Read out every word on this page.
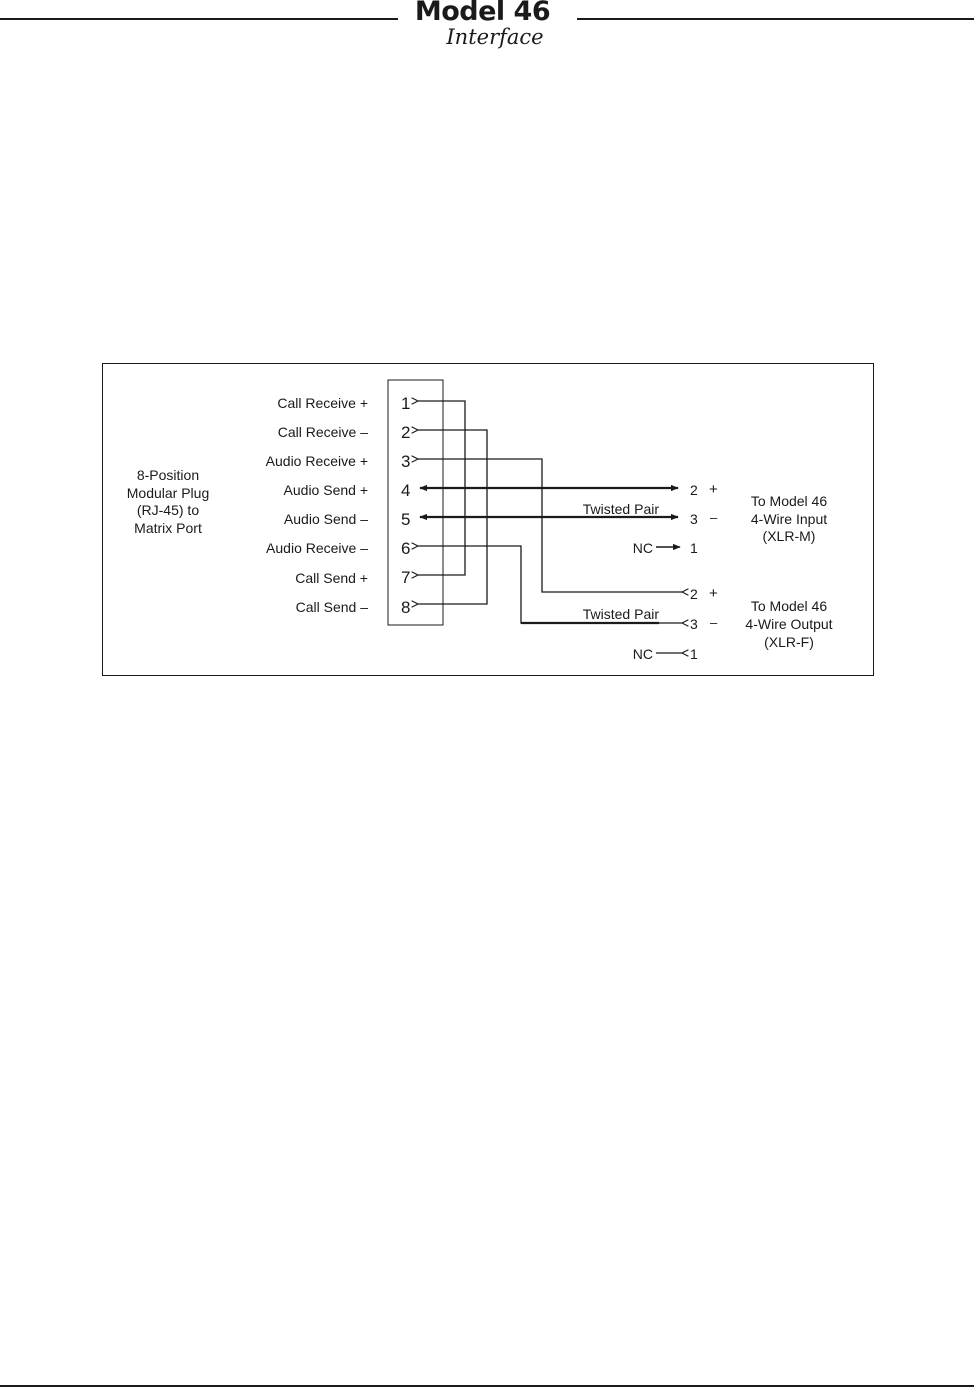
Model 46
Interface
8-Position
Modular Plug
(RJ-45) to
Matrix Port
Call Receive +
Call Receive –
Audio Receive +
Audio Send +
Audio Send –
Audio Receive –
Call Send +
Call Send –
1
2
3
4
5
6
7
8
Twisted Pair
Twisted Pair
NC
NC
2 +
3 –
1
2 +
3 –
1
To Model 46
4-Wire Input
(XLR-M)
To Model 46
4-Wire Output
(XLR-F)
